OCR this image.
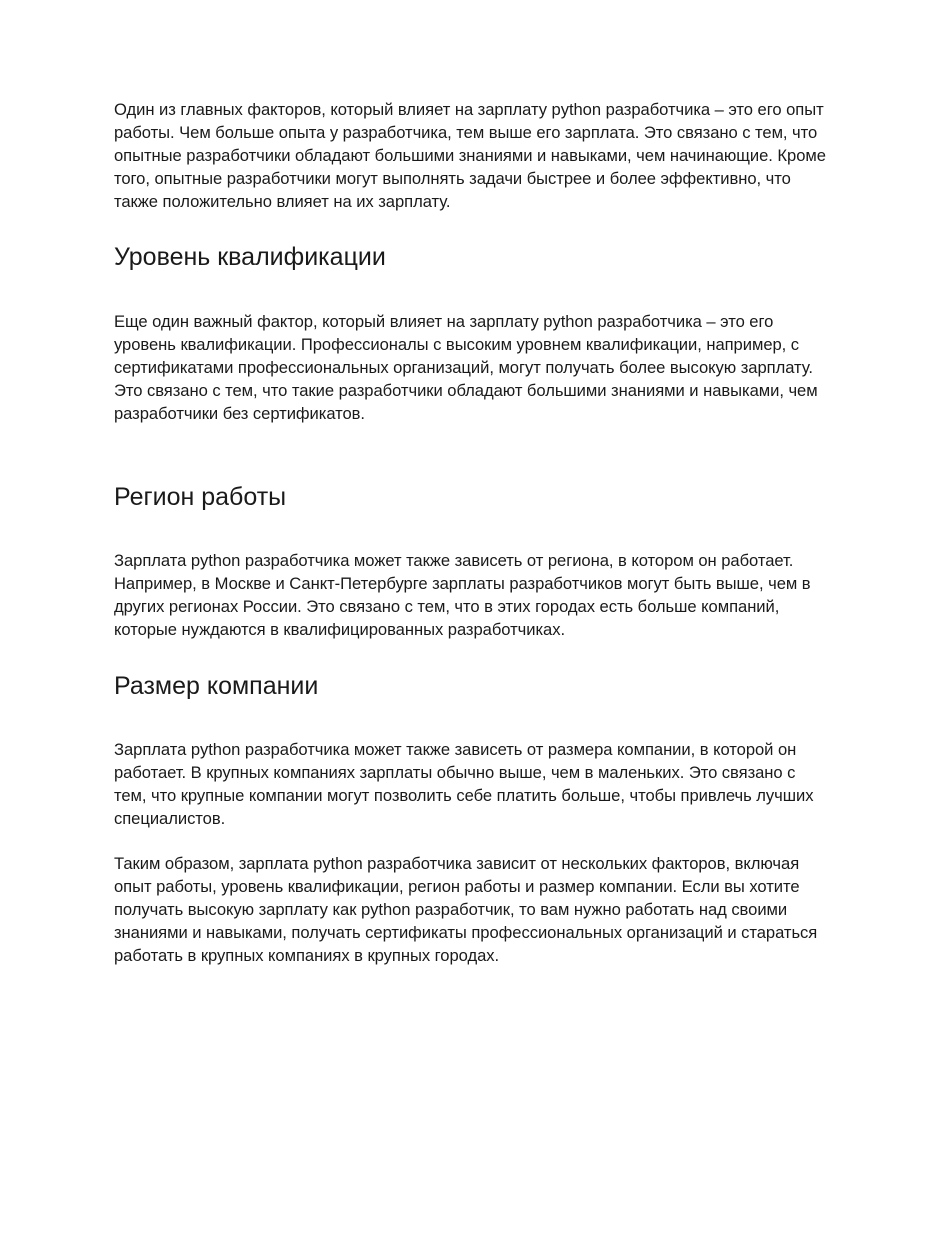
Один из главных факторов, который влияет на зарплату python разработчика – это его опыт работы. Чем больше опыта у разработчика, тем выше его зарплата. Это связано с тем, что опытные разработчики обладают большими знаниями и навыками, чем начинающие. Кроме того, опытные разработчики могут выполнять задачи быстрее и более эффективно, что также положительно влияет на их зарплату.

Уровень квалификации

Еще один важный фактор, который влияет на зарплату python разработчика – это его уровень квалификации. Профессионалы с высоким уровнем квалификации, например, с сертификатами профессиональных организаций, могут получать более высокую зарплату. Это связано с тем, что такие разработчики обладают большими знаниями и навыками, чем разработчики без сертификатов.

Регион работы

Зарплата python разработчика может также зависеть от региона, в котором он работает. Например, в Москве и Санкт-Петербурге зарплаты разработчиков могут быть выше, чем в других регионах России. Это связано с тем, что в этих городах есть больше компаний, которые нуждаются в квалифицированных разработчиках.

Размер компании

Зарплата python разработчика может также зависеть от размера компании, в которой он работает. В крупных компаниях зарплаты обычно выше, чем в маленьких. Это связано с тем, что крупные компании могут позволить себе платить больше, чтобы привлечь лучших специалистов.

Таким образом, зарплата python разработчика зависит от нескольких факторов, включая опыт работы, уровень квалификации, регион работы и размер компании. Если вы хотите получать высокую зарплату как python разработчик, то вам нужно работать над своими знаниями и навыками, получать сертификаты профессиональных организаций и стараться работать в крупных компаниях в крупных городах.
